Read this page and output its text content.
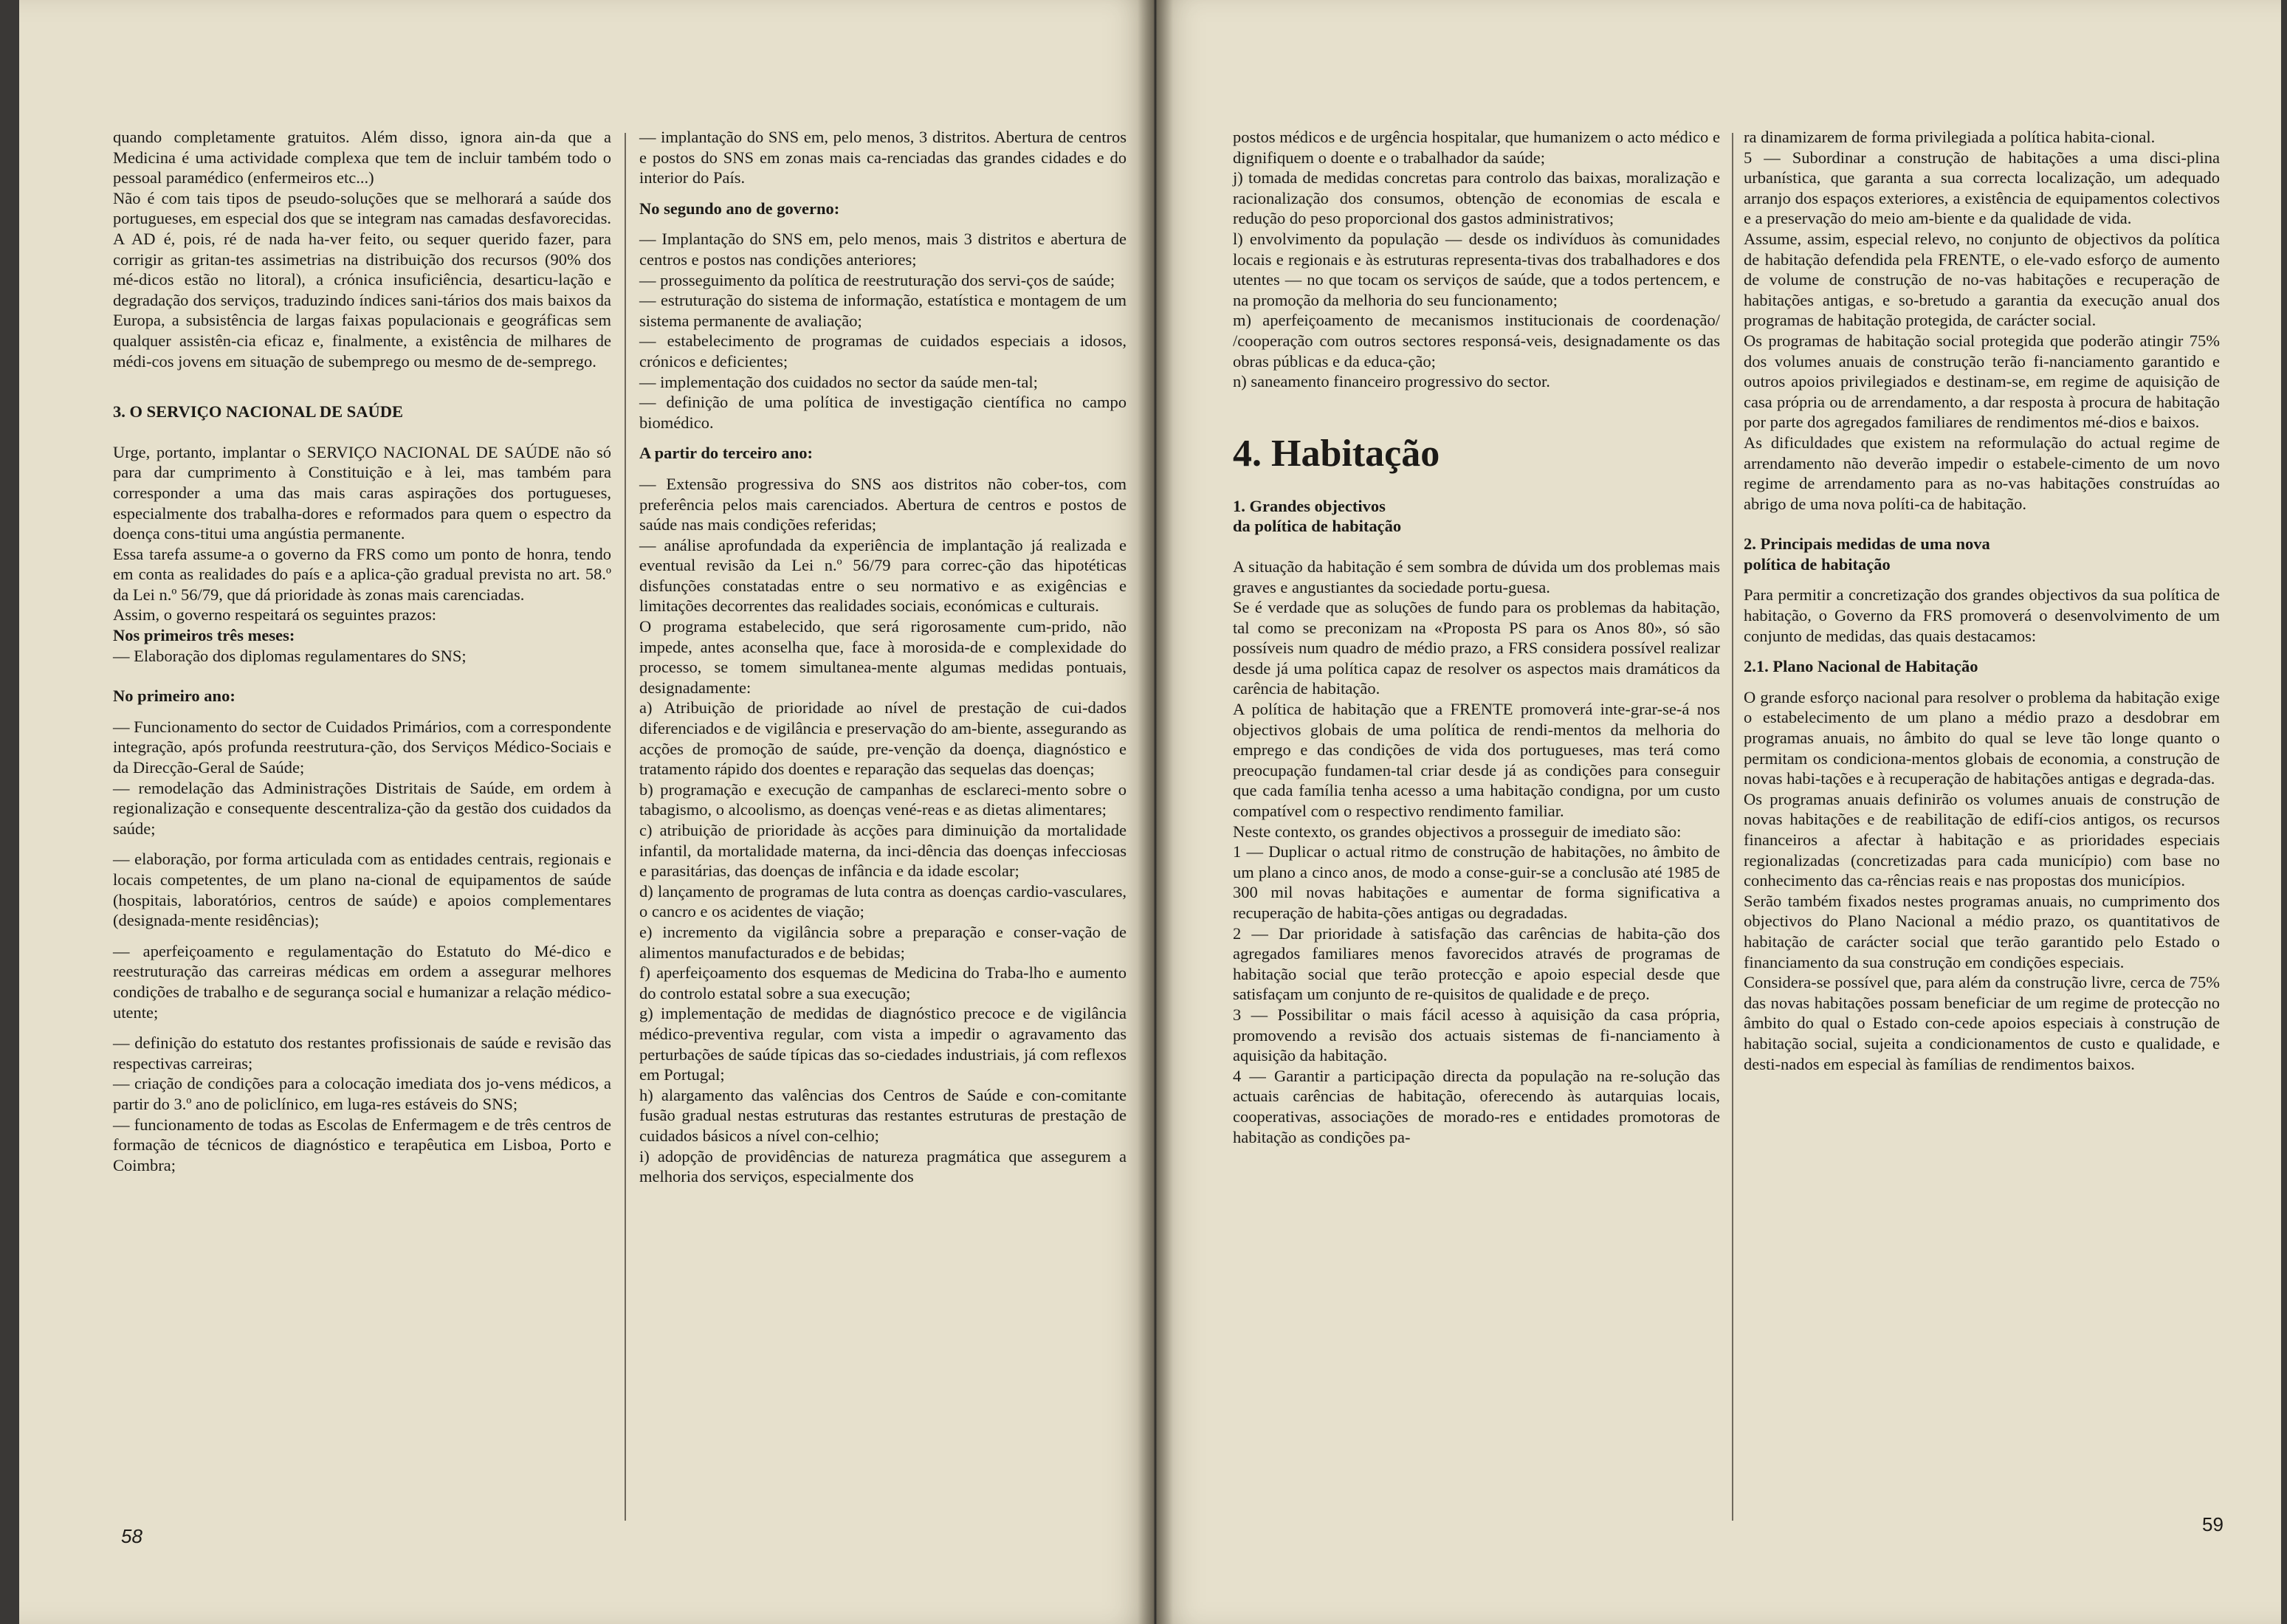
quando completamente gratuitos. Além disso, ignora ain-da que a Medicina é uma actividade complexa que tem de incluir também todo o pessoal paramédico (enfermeiros etc...)

Não é com tais tipos de pseudo-soluções que se melhorará a saúde dos portugueses, em especial dos que se integram nas camadas desfavorecidas. A AD é, pois, ré de nada ha-ver feito, ou sequer querido fazer, para corrigir as gritan-tes assimetrias na distribuição dos recursos (90% dos mé-dicos estão no litoral), a crónica insuficiência, desarticu-lação e degradação dos serviços, traduzindo índices sani-tários dos mais baixos da Europa, a subsistência de largas faixas populacionais e geográficas sem qualquer assistên-cia eficaz e, finalmente, a existência de milhares de médi-cos jovens em situação de subemprego ou mesmo de de-semprego.

3. O SERVIÇO NACIONAL DE SAÚDE

Urge, portanto, implantar o SERVIÇO NACIONAL DE SAÚDE não só para dar cumprimento à Constituição e à lei, mas também para corresponder a uma das mais caras aspirações dos portugueses, especialmente dos trabalha-dores e reformados para quem o espectro da doença cons-titui uma angústia permanente.

Essa tarefa assume-a o governo da FRS como um ponto de honra, tendo em conta as realidades do país e a aplica-ção gradual prevista no art. 58.º da Lei n.º 56/79, que dá prioridade às zonas mais carenciadas.

Assim, o governo respeitará os seguintes prazos:

Nos primeiros três meses:

— Elaboração dos diplomas regulamentares do SNS;

No primeiro ano:

— Funcionamento do sector de Cuidados Primários, com a correspondente integração, após profunda reestrutura-ção, dos Serviços Médico-Sociais e da Direcção-Geral de Saúde;

— remodelação das Administrações Distritais de Saúde, em ordem à regionalização e consequente descentraliza-ção da gestão dos cuidados da saúde;

— elaboração, por forma articulada com as entidades centrais, regionais e locais competentes, de um plano na-cional de equipamentos de saúde (hospitais, laboratórios, centros de saúde) e apoios complementares (designada-mente residências);

— aperfeiçoamento e regulamentação do Estatuto do Mé-dico e reestruturação das carreiras médicas em ordem a assegurar melhores condições de trabalho e de segurança social e humanizar a relação médico-utente;

— definição do estatuto dos restantes profissionais de saúde e revisão das respectivas carreiras;

— criação de condições para a colocação imediata dos jo-vens médicos, a partir do 3.º ano de policlínico, em luga-res estáveis do SNS;

— funcionamento de todas as Escolas de Enfermagem e de três centros de formação de técnicos de diagnóstico e terapêutica em Lisboa, Porto e Coimbra;

— implantação do SNS em, pelo menos, 3 distritos. Abertura de centros e postos do SNS em zonas mais ca-renciadas das grandes cidades e do interior do País.

No segundo ano de governo:

— Implantação do SNS em, pelo menos, mais 3 distritos e abertura de centros e postos nas condições anteriores;

— prosseguimento da política de reestruturação dos servi-ços de saúde;

— estruturação do sistema de informação, estatística e montagem de um sistema permanente de avaliação;

— estabelecimento de programas de cuidados especiais a idosos, crónicos e deficientes;

— implementação dos cuidados no sector da saúde men-tal;

— definição de uma política de investigação científica no campo biomédico.

A partir do terceiro ano:

— Extensão progressiva do SNS aos distritos não cober-tos, com preferência pelos mais carenciados. Abertura de centros e postos de saúde nas mais condições referidas;

— análise aprofundada da experiência de implantação já realizada e eventual revisão da Lei n.º 56/79 para correc-ção das hipotéticas disfunções constatadas entre o seu normativo e as exigências e limitações decorrentes das realidades sociais, económicas e culturais.

O programa estabelecido, que será rigorosamente cum-prido, não impede, antes aconselha que, face à morosida-de e complexidade do processo, se tomem simultanea-mente algumas medidas pontuais, designadamente:

a) Atribuição de prioridade ao nível de prestação de cui-dados diferenciados e de vigilância e preservação do am-biente, assegurando as acções de promoção de saúde, pre-venção da doença, diagnóstico e tratamento rápido dos doentes e reparação das sequelas das doenças;

b) programação e execução de campanhas de esclareci-mento sobre o tabagismo, o alcoolismo, as doenças vené-reas e as dietas alimentares;

c) atribuição de prioridade às acções para diminuição da mortalidade infantil, da mortalidade materna, da inci-dência das doenças infecciosas e parasitárias, das doenças de infância e da idade escolar;

d) lançamento de programas de luta contra as doenças cardio-vasculares, o cancro e os acidentes de viação;

e) incremento da vigilância sobre a preparação e conser-vação de alimentos manufacturados e de bebidas;

f) aperfeiçoamento dos esquemas de Medicina do Traba-lho e aumento do controlo estatal sobre a sua execução;

g) implementação de medidas de diagnóstico precoce e de vigilância médico-preventiva regular, com vista a impedir o agravamento das perturbações de saúde típicas das so-ciedades industriais, já com reflexos em Portugal;

h) alargamento das valências dos Centros de Saúde e con-comitante fusão gradual nestas estruturas das restantes estruturas de prestação de cuidados básicos a nível con-celhio;

i) adopção de providências de natureza pragmática que assegurem a melhoria dos serviços, especialmente dos

58

postos médicos e de urgência hospitalar, que humanizem o acto médico e dignifiquem o doente e o trabalhador da saúde;

j) tomada de medidas concretas para controlo das baixas, moralização e racionalização dos consumos, obtenção de economias de escala e redução do peso proporcional dos gastos administrativos;

l) envolvimento da população — desde os indivíduos às comunidades locais e regionais e às estruturas representa-tivas dos trabalhadores e dos utentes — no que tocam os serviços de saúde, que a todos pertencem, e na promoção da melhoria do seu funcionamento;

m) aperfeiçoamento de mecanismos institucionais de coordenação/ /cooperação com outros sectores responsá-veis, designadamente os das obras públicas e da educa-ção;

n) saneamento financeiro progressivo do sector.

4. Habitação

1. Grandes objectivos

da política de habitação

A situação da habitação é sem sombra de dúvida um dos problemas mais graves e angustiantes da sociedade portu-guesa.

Se é verdade que as soluções de fundo para os problemas da habitação, tal como se preconizam na «Proposta PS para os Anos 80», só são possíveis num quadro de médio prazo, a FRS considera possível realizar desde já uma política capaz de resolver os aspectos mais dramáticos da carência de habitação.

A política de habitação que a FRENTE promoverá inte-grar-se-á nos objectivos globais de uma política de rendi-mentos da melhoria do emprego e das condições de vida dos portugueses, mas terá como preocupação fundamen-tal criar desde já as condições para conseguir que cada família tenha acesso a uma habitação condigna, por um custo compatível com o respectivo rendimento familiar.

Neste contexto, os grandes objectivos a prosseguir de imediato são:

1 — Duplicar o actual ritmo de construção de habitações, no âmbito de um plano a cinco anos, de modo a conse-guir-se a conclusão até 1985 de 300 mil novas habitações e aumentar de forma significativa a recuperação de habita-ções antigas ou degradadas.

2 — Dar prioridade à satisfação das carências de habita-ção dos agregados familiares menos favorecidos através de programas de habitação social que terão protecção e apoio especial desde que satisfaçam um conjunto de re-quisitos de qualidade e de preço.

3 — Possibilitar o mais fácil acesso à aquisição da casa própria, promovendo a revisão dos actuais sistemas de fi-nanciamento à aquisição da habitação.

4 — Garantir a participação directa da população na re-solução das actuais carências de habitação, oferecendo às autarquias locais, cooperativas, associações de morado-res e entidades promotoras de habitação as condições pa-

ra dinamizarem de forma privilegiada a política habita-cional.

5 — Subordinar a construção de habitações a uma disci-plina urbanística, que garanta a sua correcta localização, um adequado arranjo dos espaços exteriores, a existência de equipamentos colectivos e a preservação do meio am-biente e da qualidade de vida.

Assume, assim, especial relevo, no conjunto de objectivos da política de habitação defendida pela FRENTE, o ele-vado esforço de aumento de volume de construção de no-vas habitações e recuperação de habitações antigas, e so-bretudo a garantia da execução anual dos programas de habitação protegida, de carácter social.

Os programas de habitação social protegida que poderão atingir 75% dos volumes anuais de construção terão fi-nanciamento garantido e outros apoios privilegiados e destinam-se, em regime de aquisição de casa própria ou de arrendamento, a dar resposta à procura de habitação por parte dos agregados familiares de rendimentos mé-dios e baixos.

As dificuldades que existem na reformulação do actual regime de arrendamento não deverão impedir o estabele-cimento de um novo regime de arrendamento para as no-vas habitações construídas ao abrigo de uma nova políti-ca de habitação.

2. Principais medidas de uma nova

política de habitação

Para permitir a concretização dos grandes objectivos da sua política de habitação, o Governo da FRS promoverá o desenvolvimento de um conjunto de medidas, das quais destacamos:

2.1. Plano Nacional de Habitação

O grande esforço nacional para resolver o problema da habitação exige o estabelecimento de um plano a médio prazo a desdobrar em programas anuais, no âmbito do qual se leve tão longe quanto o permitam os condiciona-mentos globais de economia, a construção de novas habi-tações e à recuperação de habitações antigas e degrada-das.

Os programas anuais definirão os volumes anuais de construção de novas habitações e de reabilitação de edifí-cios antigos, os recursos financeiros a afectar à habitação e as prioridades especiais regionalizadas (concretizadas para cada município) com base no conhecimento das ca-rências reais e nas propostas dos municípios.

Serão também fixados nestes programas anuais, no cumprimento dos objectivos do Plano Nacional a médio prazo, os quantitativos de habitação de carácter social que terão garantido pelo Estado o financiamento da sua construção em condições especiais.

Considera-se possível que, para além da construção livre, cerca de 75% das novas habitações possam beneficiar de um regime de protecção no âmbito do qual o Estado con-cede apoios especiais à construção de habitação social, sujeita a condicionamentos de custo e qualidade, e desti-nados em especial às famílias de rendimentos baixos.

59
